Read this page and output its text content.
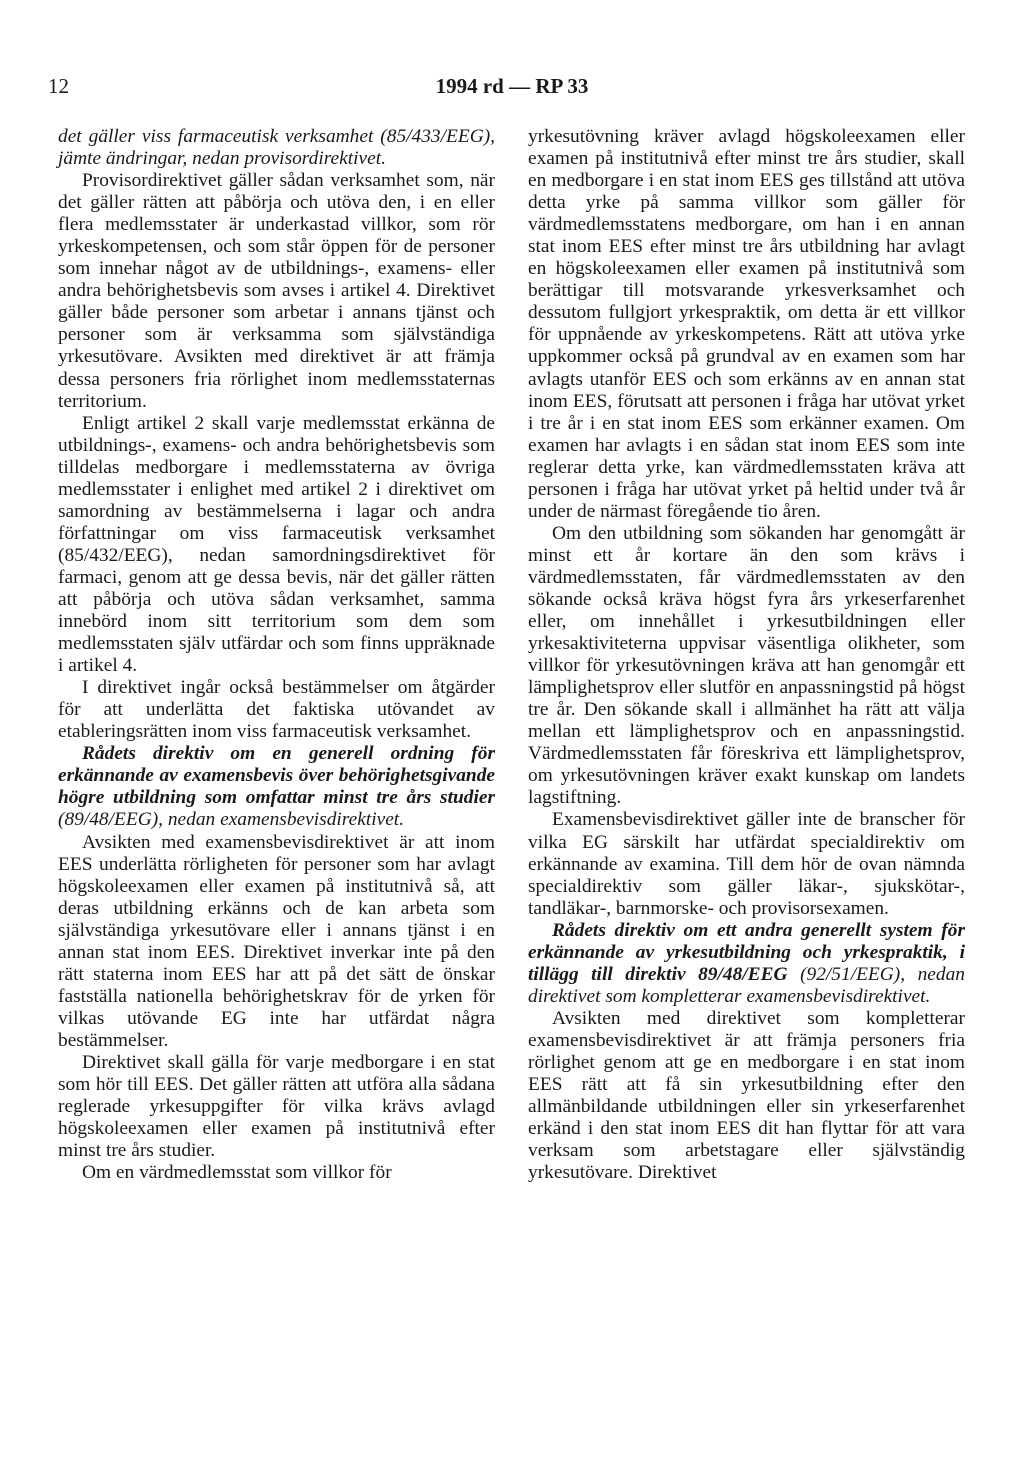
12	1994 rd — RP 33

det gäller viss farmaceutisk verksamhet (85/433/EEG), jämte ändringar, nedan provisordirektivet.

Provisordirektivet gäller sådan verksamhet som, när det gäller rätten att påbörja och utöva den, i en eller flera medlemsstater är underkastad villkor, som rör yrkeskompetensen, och som står öppen för de personer som innehar något av de utbildnings-, examens- eller andra behörighetsbevis som avses i artikel 4. Direktivet gäller både personer som arbetar i annans tjänst och personer som är verksamma som självständiga yrkesutövare. Avsikten med direktivet är att främja dessa personers fria rörlighet inom medlemsstaternas territorium.

Enligt artikel 2 skall varje medlemsstat erkänna de utbildnings-, examens- och andra behörighetsbevis som tilldelas medborgare i medlemsstaterna av övriga medlemsstater i enlighet med artikel 2 i direktivet om samordning av bestämmelserna i lagar och andra författningar om viss farmaceutisk verksamhet (85/432/EEG), nedan samordningsdirektivet för farmaci, genom att ge dessa bevis, när det gäller rätten att påbörja och utöva sådan verksamhet, samma innebörd inom sitt territorium som dem som medlemsstaten själv utfärdar och som finns uppräknade i artikel 4.

I direktivet ingår också bestämmelser om åtgärder för att underlätta det faktiska utövandet av etableringsrätten inom viss farmaceutisk verksamhet.

Rådets direktiv om en generell ordning för erkännande av examensbevis över behörighetsgivande högre utbildning som omfattar minst tre års studier (89/48/EEG), nedan examensbevisdirektivet.

Avsikten med examensbevisdirektivet är att inom EES underlätta rörligheten för personer som har avlagt högskoleexamen eller examen på institutnivå så, att deras utbildning erkänns och de kan arbeta som självständiga yrkesutövare eller i annans tjänst i en annan stat inom EES. Direktivet inverkar inte på den rätt staterna inom EES har att på det sätt de önskar fastställa nationella behörighetskrav för de yrken för vilkas utövande EG inte har utfärdat några bestämmelser.

Direktivet skall gälla för varje medborgare i en stat som hör till EES. Det gäller rätten att utföra alla sådana reglerade yrkesuppgifter för vilka krävs avlagd högskoleexamen eller examen på institutnivå efter minst tre års studier.

Om en värdmedlemsstat som villkor för

yrkesutövning kräver avlagd högskoleexamen eller examen på institutnivå efter minst tre års studier, skall en medborgare i en stat inom EES ges tillstånd att utöva detta yrke på samma villkor som gäller för värdmedlemsstatens medborgare, om han i en annan stat inom EES efter minst tre års utbildning har avlagt en högskoleexamen eller examen på institutnivå som berättigar till motsvarande yrkesverksamhet och dessutom fullgjort yrkespraktik, om detta är ett villkor för uppnående av yrkeskompetens. Rätt att utöva yrke uppkommer också på grundval av en examen som har avlagts utanför EES och som erkänns av en annan stat inom EES, förutsatt att personen i fråga har utövat yrket i tre år i en stat inom EES som erkänner examen. Om examen har avlagts i en sådan stat inom EES som inte reglerar detta yrke, kan värdmedlemsstaten kräva att personen i fråga har utövat yrket på heltid under två år under de närmast föregående tio åren.

Om den utbildning som sökanden har genomgått är minst ett år kortare än den som krävs i värdmedlemsstaten, får värdmedlemsstaten av den sökande också kräva högst fyra års yrkeserfarenhet eller, om innehållet i yrkesutbildningen eller yrkesaktiviteterna uppvisar väsentliga olikheter, som villkor för yrkesutövningen kräva att han genomgår ett lämplighetsprov eller slutför en anpassningstid på högst tre år. Den sökande skall i allmänhet ha rätt att välja mellan ett lämplighetsprov och en anpassningstid. Värdmedlemsstaten får föreskriva ett lämplighetsprov, om yrkesutövningen kräver exakt kunskap om landets lagstiftning.

Examensbevisdirektivet gäller inte de branscher för vilka EG särskilt har utfärdat specialdirektiv om erkännande av examina. Till dem hör de ovan nämnda specialdirektiv som gäller läkar-, sjukskötar-, tandläkar-, barnmorske- och provisorsexamen.

Rådets direktiv om ett andra generellt system för erkännande av yrkesutbildning och yrkespraktik, i tillägg till direktiv 89/48/EEG (92/51/EEG), nedan direktivet som kompletterar examensbevisdirektivet.

Avsikten med direktivet som kompletterar examensbevisdirektivet är att främja personers fria rörlighet genom att ge en medborgare i en stat inom EES rätt att få sin yrkesutbildning efter den allmänbildande utbildningen eller sin yrkeserfarenhet erkänd i den stat inom EES dit han flyttar för att vara verksam som arbetstagare eller självständig yrkesutövare. Direktivet
